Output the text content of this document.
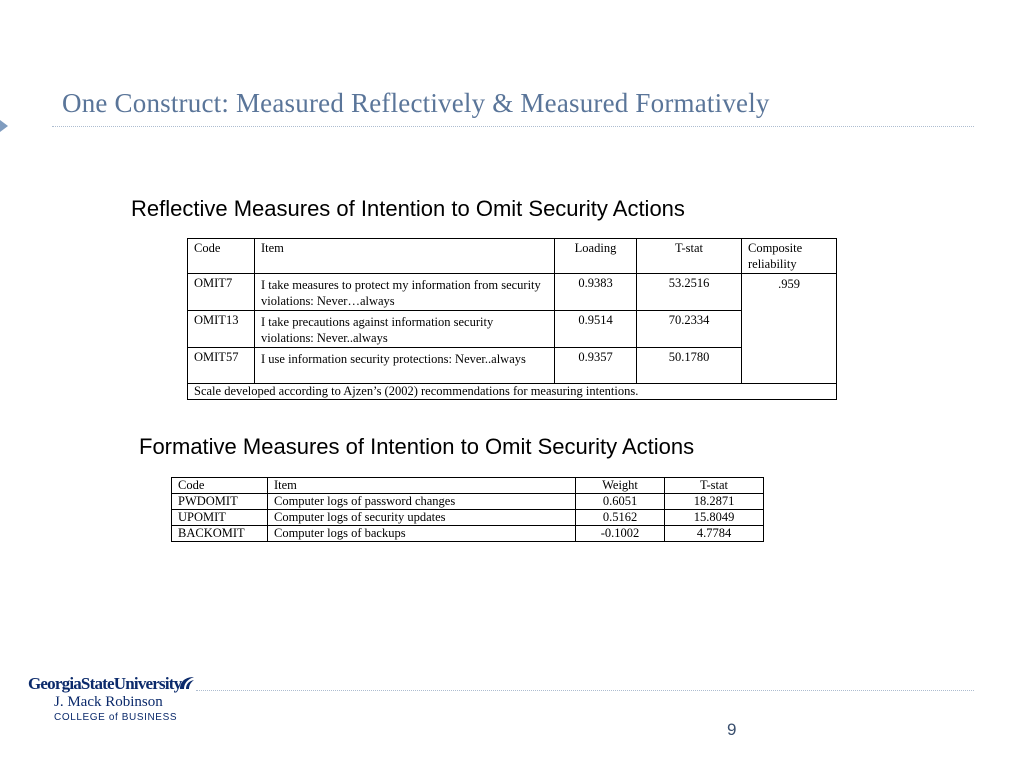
One Construct: Measured Reflectively & Measured Formatively
Reflective Measures of Intention to Omit Security Actions
Code	Item	Loading	T-stat	Composite reliability
OMIT7	I take measures to protect my information from security violations: Never…always	0.9383	53.2516	.959
OMIT13	I take precautions against information security violations: Never..always	0.9514	70.2334	
OMIT57	I use information security protections: Never..always	0.9357	50.1780	
Scale developed according to Ajzen’s (2002) recommendations for measuring intentions.				
Formative Measures of Intention to Omit Security Actions
Code	Item	Weight	T-stat
PWDOMIT	Computer logs of password changes	0.6051	18.2871
UPOMIT	Computer logs of security updates	0.5162	15.8049
BACKOMIT	Computer logs of backups	-0.1002	4.7784
GeorgiaStateUniversity
J. Mack Robinson
COLLEGE of BUSINESS
9
